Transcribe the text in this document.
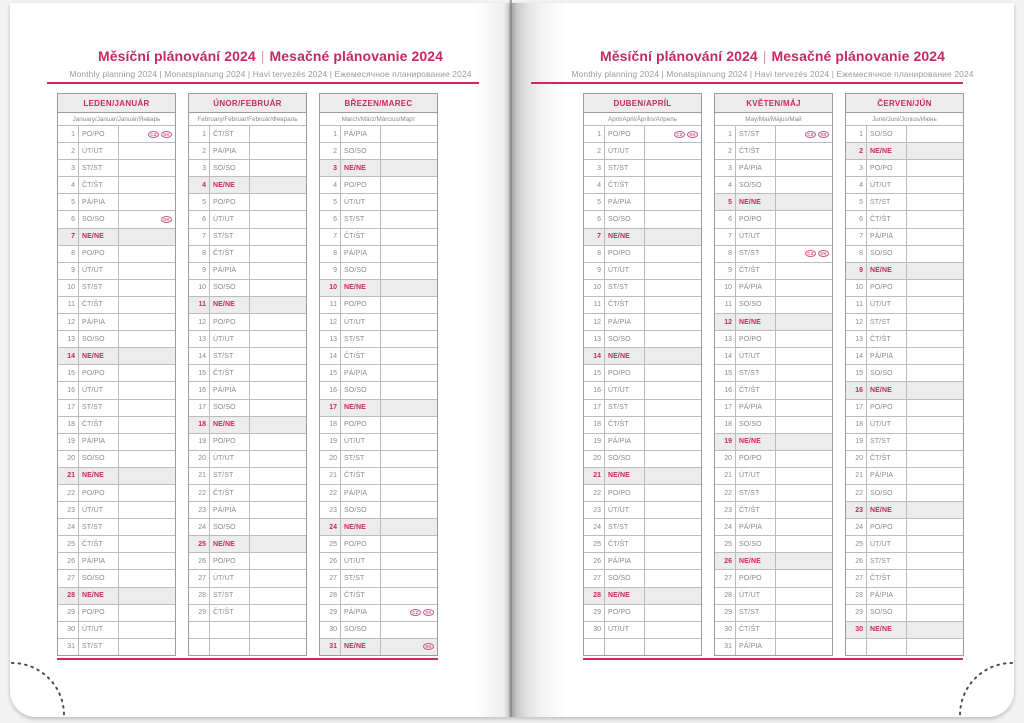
Měsíční plánování 2024 | Mesačné plánovanie 2024
Monthly planning 2024 | Monatsplanung 2024 | Havi tervezés 2024 | Ежемесячное планирование 2024
LEDEN/JANUÁR
January/Januar/Január/Январь
1	PO/PO	CZ	SK
2	ÚT/UT
3	ST/ST
4	ČT/ŠT
5	PÁ/PIA
6	SO/SO	SK
7	NE/NE
8	PO/PO
9	ÚT/UT
10	ST/ST
11	ČT/ŠT
12	PÁ/PIA
13	SO/SO
14	NE/NE
15	PO/PO
16	ÚT/UT
17	ST/ST
18	ČT/ŠT
19	PÁ/PIA
20	SO/SO
21	NE/NE
22	PO/PO
23	ÚT/UT
24	ST/ST
25	ČT/ŠT
26	PÁ/PIA
27	SO/SO
28	NE/NE
29	PO/PO
30	ÚT/UT
31	ST/ST
ÚNOR/FEBRUÁR
February/Februar/Február/Февраль
1	ČT/ŠT
2	PÁ/PIA
3	SO/SO
4	NE/NE
5	PO/PO
6	ÚT/UT
7	ST/ST
8	ČT/ŠT
9	PÁ/PIA
10	SO/SO
11	NE/NE
12	PO/PO
13	ÚT/UT
14	ST/ST
15	ČT/ŠT
16	PÁ/PIA
17	SO/SO
18	NE/NE
19	PO/PO
20	ÚT/UT
21	ST/ST
22	ČT/ŠT
23	PÁ/PIA
24	SO/SO
25	NE/NE
26	PO/PO
27	ÚT/UT
28	ST/ST
29	ČT/ŠT
BŘEZEN/MAREC
March/März/Március/Март
1	PÁ/PIA
2	SO/SO
3	NE/NE
4	PO/PO
5	ÚT/UT
6	ST/ST
7	ČT/ŠT
8	PÁ/PIA
9	SO/SO
10	NE/NE
11	PO/PO
12	ÚT/UT
13	ST/ST
14	ČT/ŠT
15	PÁ/PIA
16	SO/SO
17	NE/NE
18	PO/PO
19	ÚT/UT
20	ST/ST
21	ČT/ŠT
22	PÁ/PIA
23	SO/SO
24	NE/NE
25	PO/PO
26	ÚT/UT
27	ST/ST
28	ČT/ŠT
29	PÁ/PIA	CZ	SK
30	SO/SO
31	NE/NE	SK
Měsíční plánování 2024 | Mesačné plánovanie 2024
Monthly planning 2024 | Monatsplanung 2024 | Havi tervezés 2024 | Ежемесячное планирование 2024
DUBEN/APRÍL
April/April/Április/Апрель
1	PO/PO	CZ	SK
2	ÚT/UT
3	ST/ST
4	ČT/ŠT
5	PÁ/PIA
6	SO/SO
7	NE/NE
8	PO/PO
9	ÚT/UT
10	ST/ST
11	ČT/ŠT
12	PÁ/PIA
13	SO/SO
14	NE/NE
15	PO/PO
16	ÚT/UT
17	ST/ST
18	ČT/ŠT
19	PÁ/PIA
20	SO/SO
21	NE/NE
22	PO/PO
23	ÚT/UT
24	ST/ST
25	ČT/ŠT
26	PÁ/PIA
27	SO/SO
28	NE/NE
29	PO/PO
30	ÚT/UT
KVĚTEN/MÁJ
May/Mai/Május/Май
1	ST/ST	CZ	SK
2	ČT/ŠT
3	PÁ/PIA
4	SO/SO
5	NE/NE
6	PO/PO
7	ÚT/UT
8	ST/ST	CZ	SK
9	ČT/ŠT
10	PÁ/PIA
11	SO/SO
12	NE/NE
13	PO/PO
14	ÚT/UT
15	ST/ST
16	ČT/ŠT
17	PÁ/PIA
18	SO/SO
19	NE/NE
20	PO/PO
21	ÚT/UT
22	ST/ST
23	ČT/ŠT
24	PÁ/PIA
25	SO/SO
26	NE/NE
27	PO/PO
28	ÚT/UT
29	ST/ST
30	ČT/ŠT
31	PÁ/PIA
ČERVEN/JÚN
June/Juni/Június/Июнь
1	SO/SO
2	NE/NE
3	PO/PO
4	ÚT/UT
5	ST/ST
6	ČT/ŠT
7	PÁ/PIA
8	SO/SO
9	NE/NE
10	PO/PO
11	ÚT/UT
12	ST/ST
13	ČT/ŠT
14	PÁ/PIA
15	SO/SO
16	NE/NE
17	PO/PO
18	ÚT/UT
19	ST/ST
20	ČT/ŠT
21	PÁ/PIA
22	SO/SO
23	NE/NE
24	PO/PO
25	ÚT/UT
26	ST/ST
27	ČT/ŠT
28	PÁ/PIA
29	SO/SO
30	NE/NE
